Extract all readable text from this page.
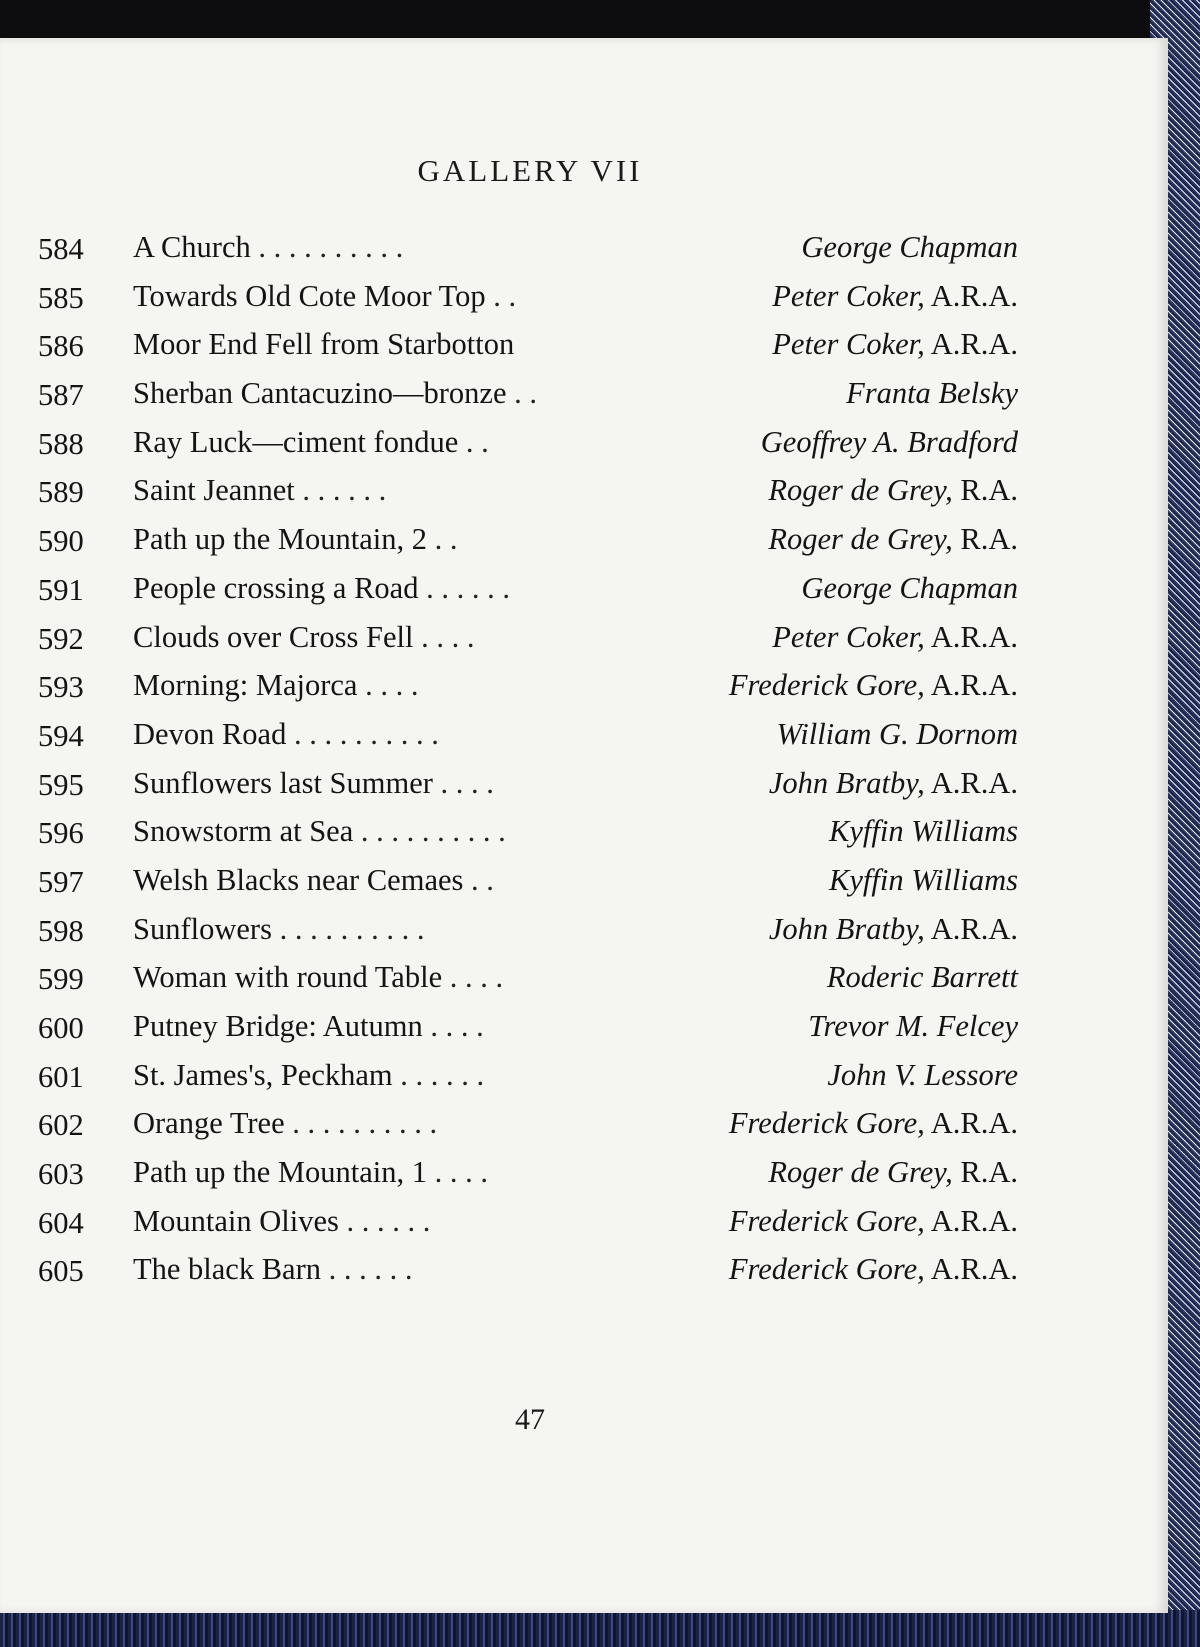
GALLERY VII
584	A Church . . . . . . . . . .	George Chapman
585	Towards Old Cote Moor Top . .	Peter Coker, A.R.A.
586	Moor End Fell from Starbotton	Peter Coker, A.R.A.
587	Sherban Cantacuzino—bronze . .	Franta Belsky
588	Ray Luck—ciment fondue . .	Geoffrey A. Bradford
589	Saint Jeannet . . . . . .	Roger de Grey, R.A.
590	Path up the Mountain, 2 . .	Roger de Grey, R.A.
591	People crossing a Road . . . . . .	George Chapman
592	Clouds over Cross Fell . . . .	Peter Coker, A.R.A.
593	Morning: Majorca . . . .	Frederick Gore, A.R.A.
594	Devon Road . . . . . . . . . .	William G. Dornom
595	Sunflowers last Summer . . . .	John Bratby, A.R.A.
596	Snowstorm at Sea . . . . . . . . . .	Kyffin Williams
597	Welsh Blacks near Cemaes . .	Kyffin Williams
598	Sunflowers . . . . . . . . . .	John Bratby, A.R.A.
599	Woman with round Table . . . .	Roderic Barrett
600	Putney Bridge: Autumn . . . .	Trevor M. Felcey
601	St. James's, Peckham . . . . . .	John V. Lessore
602	Orange Tree . . . . . . . . . .	Frederick Gore, A.R.A.
603	Path up the Mountain, 1 . . . .	Roger de Grey, R.A.
604	Mountain Olives . . . . . .	Frederick Gore, A.R.A.
605	The black Barn . . . . . .	Frederick Gore, A.R.A.
47
